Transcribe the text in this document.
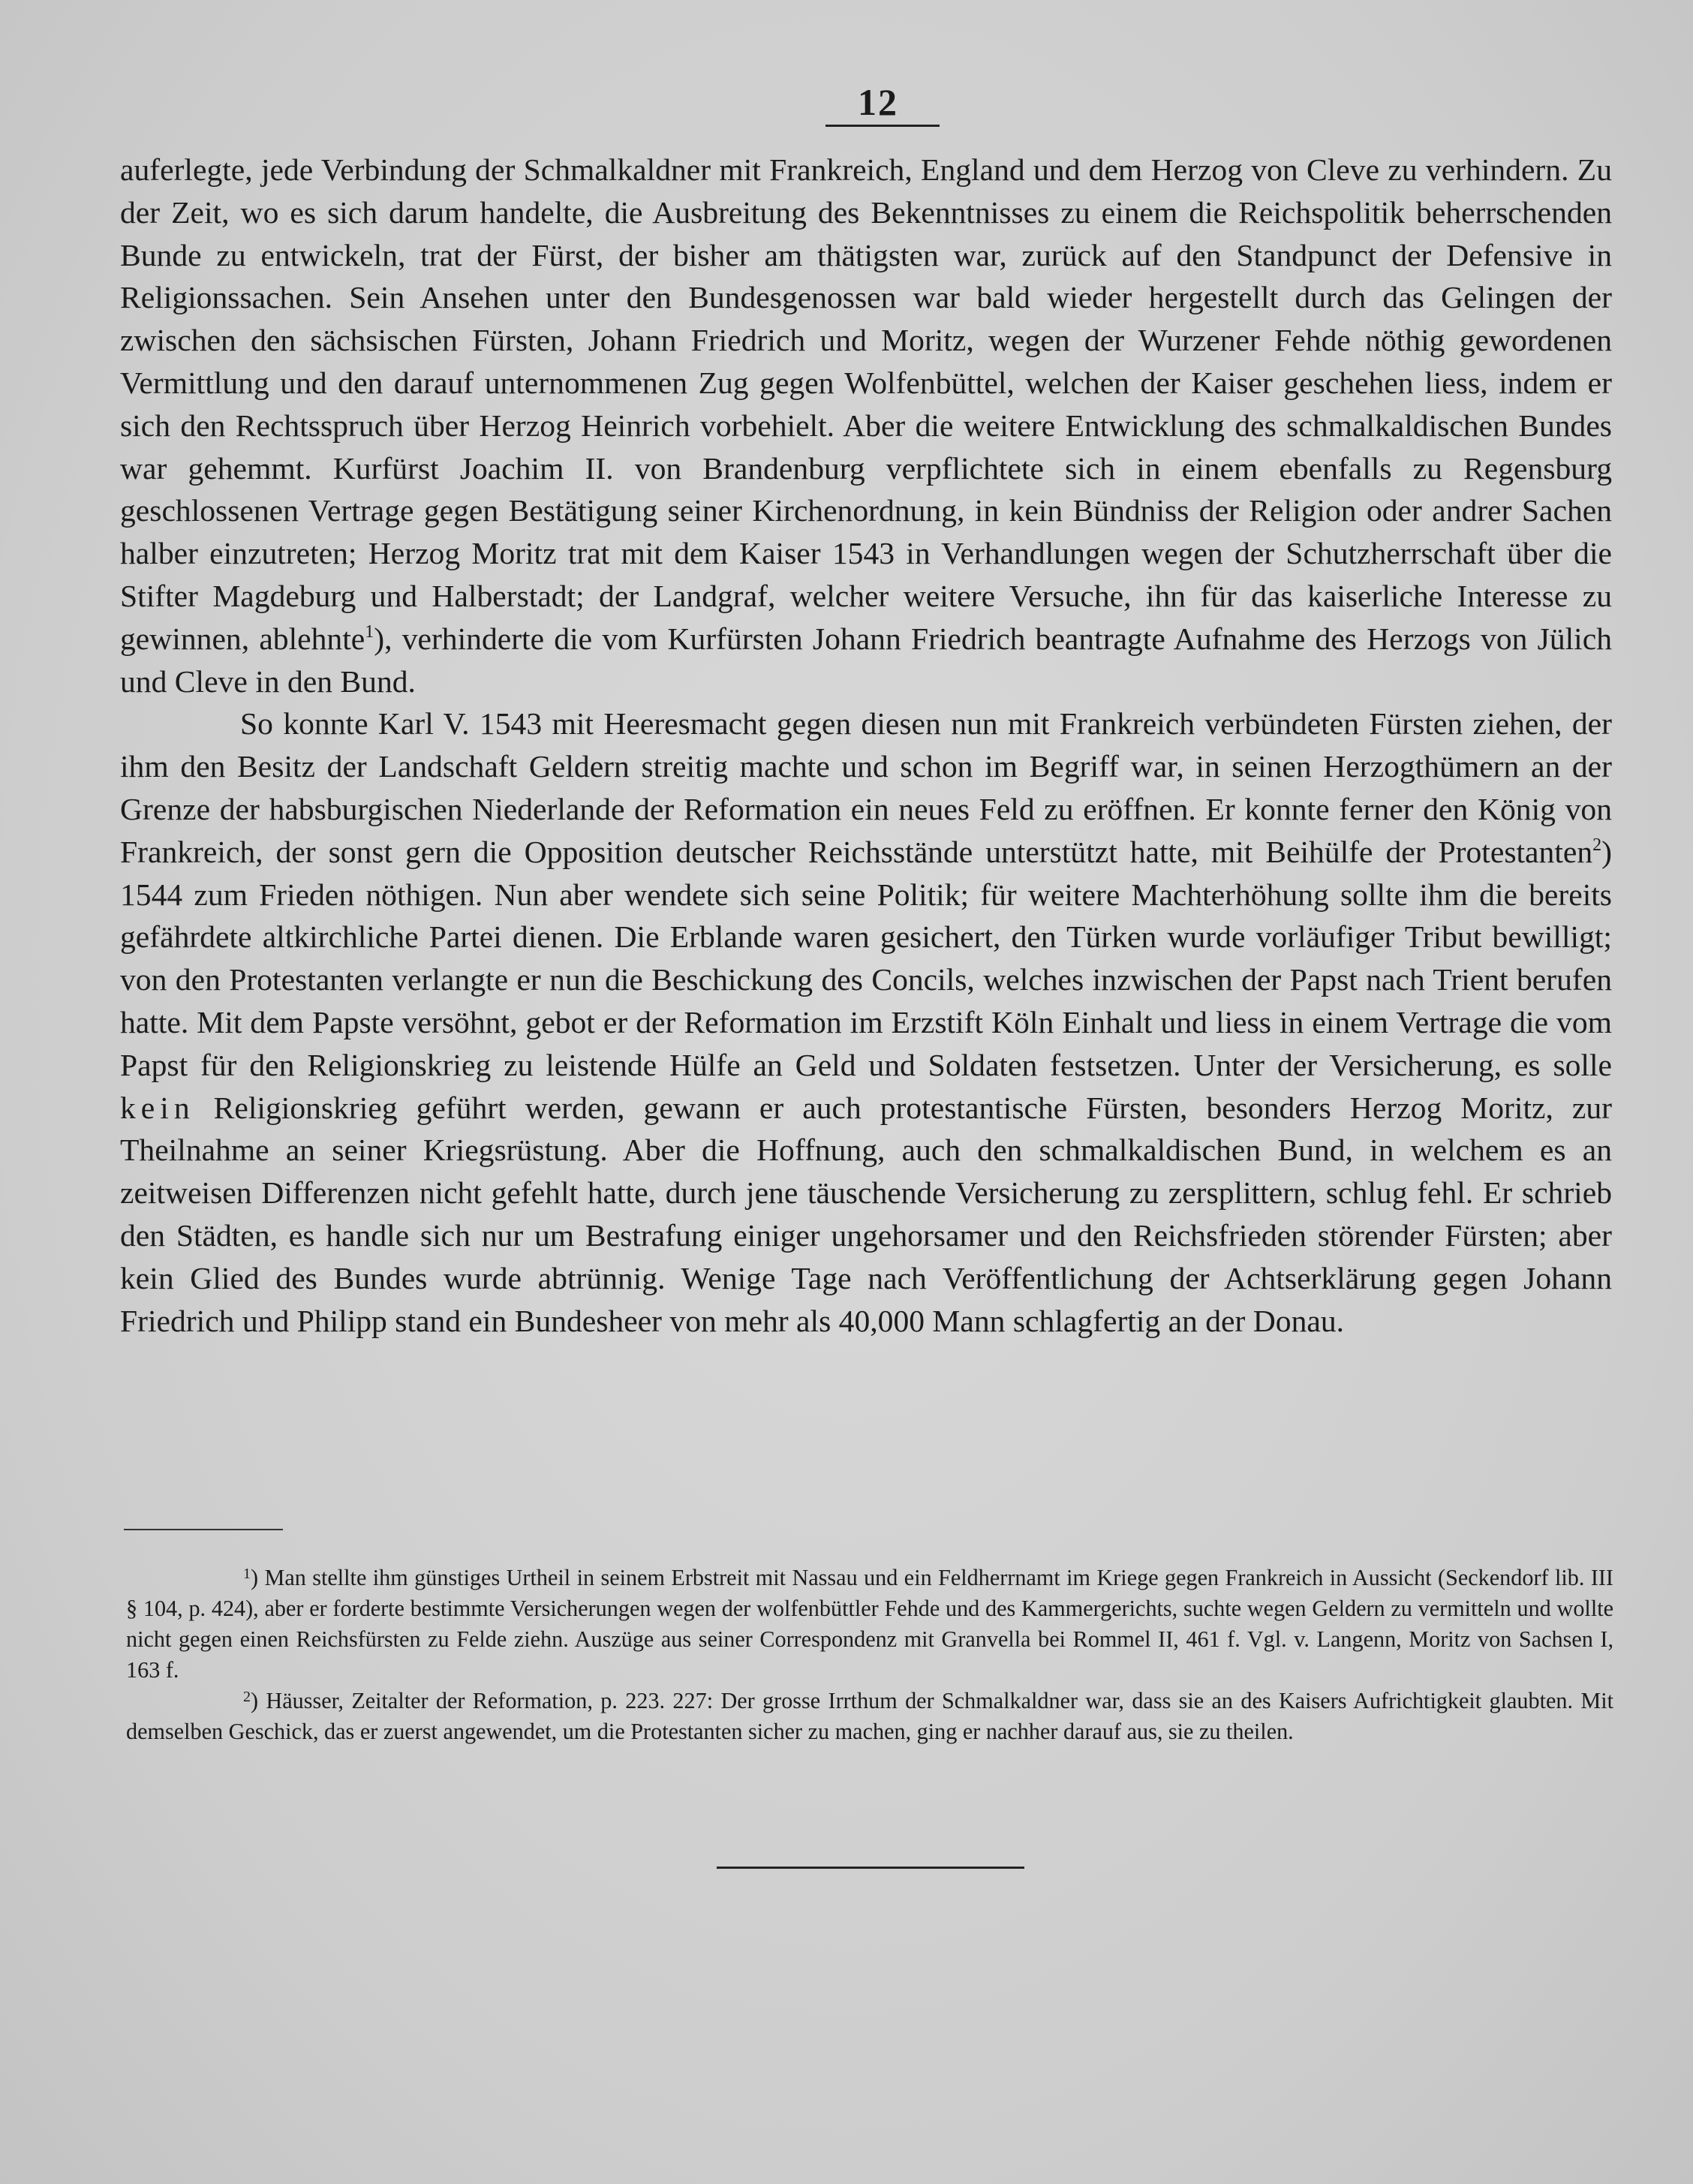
12

auferlegte, jede Verbindung der Schmalkaldner mit Frankreich, England und dem Herzog von Cleve zu verhindern. Zu der Zeit, wo es sich darum handelte, die Ausbreitung des Bekenntnisses zu einem die Reichspolitik beherrschenden Bunde zu entwickeln, trat der Fürst, der bisher am thätigsten war, zurück auf den Standpunct der Defensive in Religionssachen. Sein Ansehen unter den Bundesgenossen war bald wieder hergestellt durch das Gelingen der zwischen den sächsischen Fürsten, Johann Friedrich und Moritz, wegen der Wurzener Fehde nöthig gewordenen Vermittlung und den darauf unternommenen Zug gegen Wolfenbüttel, welchen der Kaiser geschehen liess, indem er sich den Rechtsspruch über Herzog Heinrich vorbehielt. Aber die weitere Entwicklung des schmalkaldischen Bundes war gehemmt. Kurfürst Joachim II. von Brandenburg verpflichtete sich in einem ebenfalls zu Regensburg geschlossenen Vertrage gegen Bestätigung seiner Kirchenordnung, in kein Bündniss der Religion oder andrer Sachen halber einzutreten; Herzog Moritz trat mit dem Kaiser 1543 in Verhandlungen wegen der Schutzherrschaft über die Stifter Magdeburg und Halberstadt; der Landgraf, welcher weitere Versuche, ihn für das kaiserliche Interesse zu gewinnen, ablehnte$^1$), verhinderte die vom Kurfürsten Johann Friedrich beantragte Aufnahme des Herzogs von Jülich und Cleve in den Bund.

So konnte Karl V. 1543 mit Heeresmacht gegen diesen nun mit Frankreich verbündeten Fürsten ziehen, der ihm den Besitz der Landschaft Geldern streitig machte und schon im Begriff war, in seinen Herzogthümern an der Grenze der habsburgischen Niederlande der Reformation ein neues Feld zu eröffnen. Er konnte ferner den König von Frankreich, der sonst gern die Opposition deutscher Reichsstände unterstützt hatte, mit Beihülfe der Protestanten$^2$) 1544 zum Frieden nöthigen. Nun aber wendete sich seine Politik; für weitere Machterhöhung sollte ihm die bereits gefährdete altkirchliche Partei dienen. Die Erblande waren gesichert, den Türken wurde vorläufiger Tribut bewilligt; von den Protestanten verlangte er nun die Beschickung des Concils, welches inzwischen der Papst nach Trient berufen hatte. Mit dem Papste versöhnt, gebot er der Reformation im Erzstift Köln Einhalt und liess in einem Vertrage die vom Papst für den Religionskrieg zu leistende Hülfe an Geld und Soldaten festsetzen. Unter der Versicherung, es solle kein Religionskrieg geführt werden, gewann er auch protestantische Fürsten, besonders Herzog Moritz, zur Theilnahme an seiner Kriegsrüstung. Aber die Hoffnung, auch den schmalkaldischen Bund, in welchem es an zeitweisen Differenzen nicht gefehlt hatte, durch jene täuschende Versicherung zu zersplittern, schlug fehl. Er schrieb den Städten, es handle sich nur um Bestrafung einiger ungehorsamer und den Reichsfrieden störender Fürsten; aber kein Glied des Bundes wurde abtrünnig. Wenige Tage nach Veröffentlichung der Achtserklärung gegen Johann Friedrich und Philipp stand ein Bundesheer von mehr als 40,000 Mann schlagfertig an der Donau.

$^1$) Man stellte ihm günstiges Urtheil in seinem Erbstreit mit Nassau und ein Feldherrnamt im Kriege gegen Frankreich in Aussicht (Seckendorf lib. III § 104, p. 424), aber er forderte bestimmte Versicherungen wegen der wolfenbüttler Fehde und des Kammergerichts, suchte wegen Geldern zu vermitteln und wollte nicht gegen einen Reichsfürsten zu Felde ziehn. Auszüge aus seiner Correspondenz mit Granvella bei Rommel II, 461 f. Vgl. v. Langenn, Moritz von Sachsen I, 163 f.

$^2$) Häusser, Zeitalter der Reformation, p. 223. 227: Der grosse Irrthum der Schmalkaldner war, dass sie an des Kaisers Aufrichtigkeit glaubten. Mit demselben Geschick, das er zuerst angewendet, um die Protestanten sicher zu machen, ging er nachher darauf aus, sie zu theilen.
